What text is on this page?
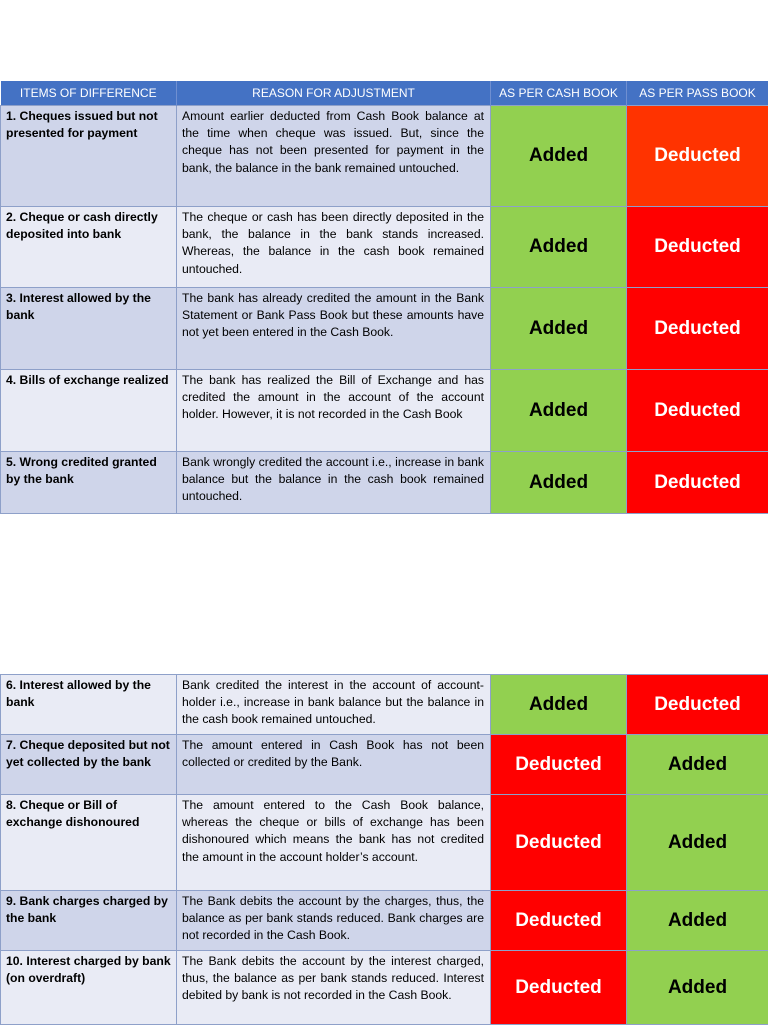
ITEMS OF DIFFERENCE	REASON FOR ADJUSTMENT	AS PER CASH BOOK	AS PER PASS BOOK
1. Cheques issued but not presented for payment	Amount earlier deducted from Cash Book balance at the time when cheque was issued. But, since the cheque has not been presented for payment in the bank, the balance in the bank remained untouched.	Added	Deducted
2. Cheque or cash directly deposited into bank	The cheque or cash has been directly deposited in the bank, the balance in the bank stands increased. Whereas, the balance in the cash book remained untouched.	Added	Deducted
3. Interest allowed by the bank	The bank has already credited the amount in the Bank Statement or Bank Pass Book but these amounts have not yet been entered in the Cash Book.	Added	Deducted
4. Bills of exchange realized	The bank has realized the Bill of Exchange and has credited the amount in the account of the account holder. However, it is not recorded in the Cash Book	Added	Deducted
5. Wrong credited granted by the bank	Bank wrongly credited the account i.e., increase in bank balance but the balance in the cash book remained untouched.	Added	Deducted
6. Interest allowed by the bank	Bank credited the interest in the account of account-holder i.e., increase in bank balance but the balance in the cash book remained untouched.	Added	Deducted
7. Cheque deposited but not yet collected by the bank	The amount entered in Cash Book has not been collected or credited by the Bank.	Deducted	Added
8. Cheque or Bill of exchange dishonoured	The amount entered to the Cash Book balance, whereas the cheque or bills of exchange has been dishonoured which means the bank has not credited the amount in the account holder’s account.	Deducted	Added
9. Bank charges charged by the bank	The Bank debits the account by the charges, thus, the balance as per bank stands reduced. Bank charges are not recorded in the Cash Book.	Deducted	Added
10. Interest charged by bank (on overdraft)	The Bank debits the account by the interest charged, thus, the balance as per bank stands reduced. Interest debited by bank is not recorded in the Cash Book.	Deducted	Added
